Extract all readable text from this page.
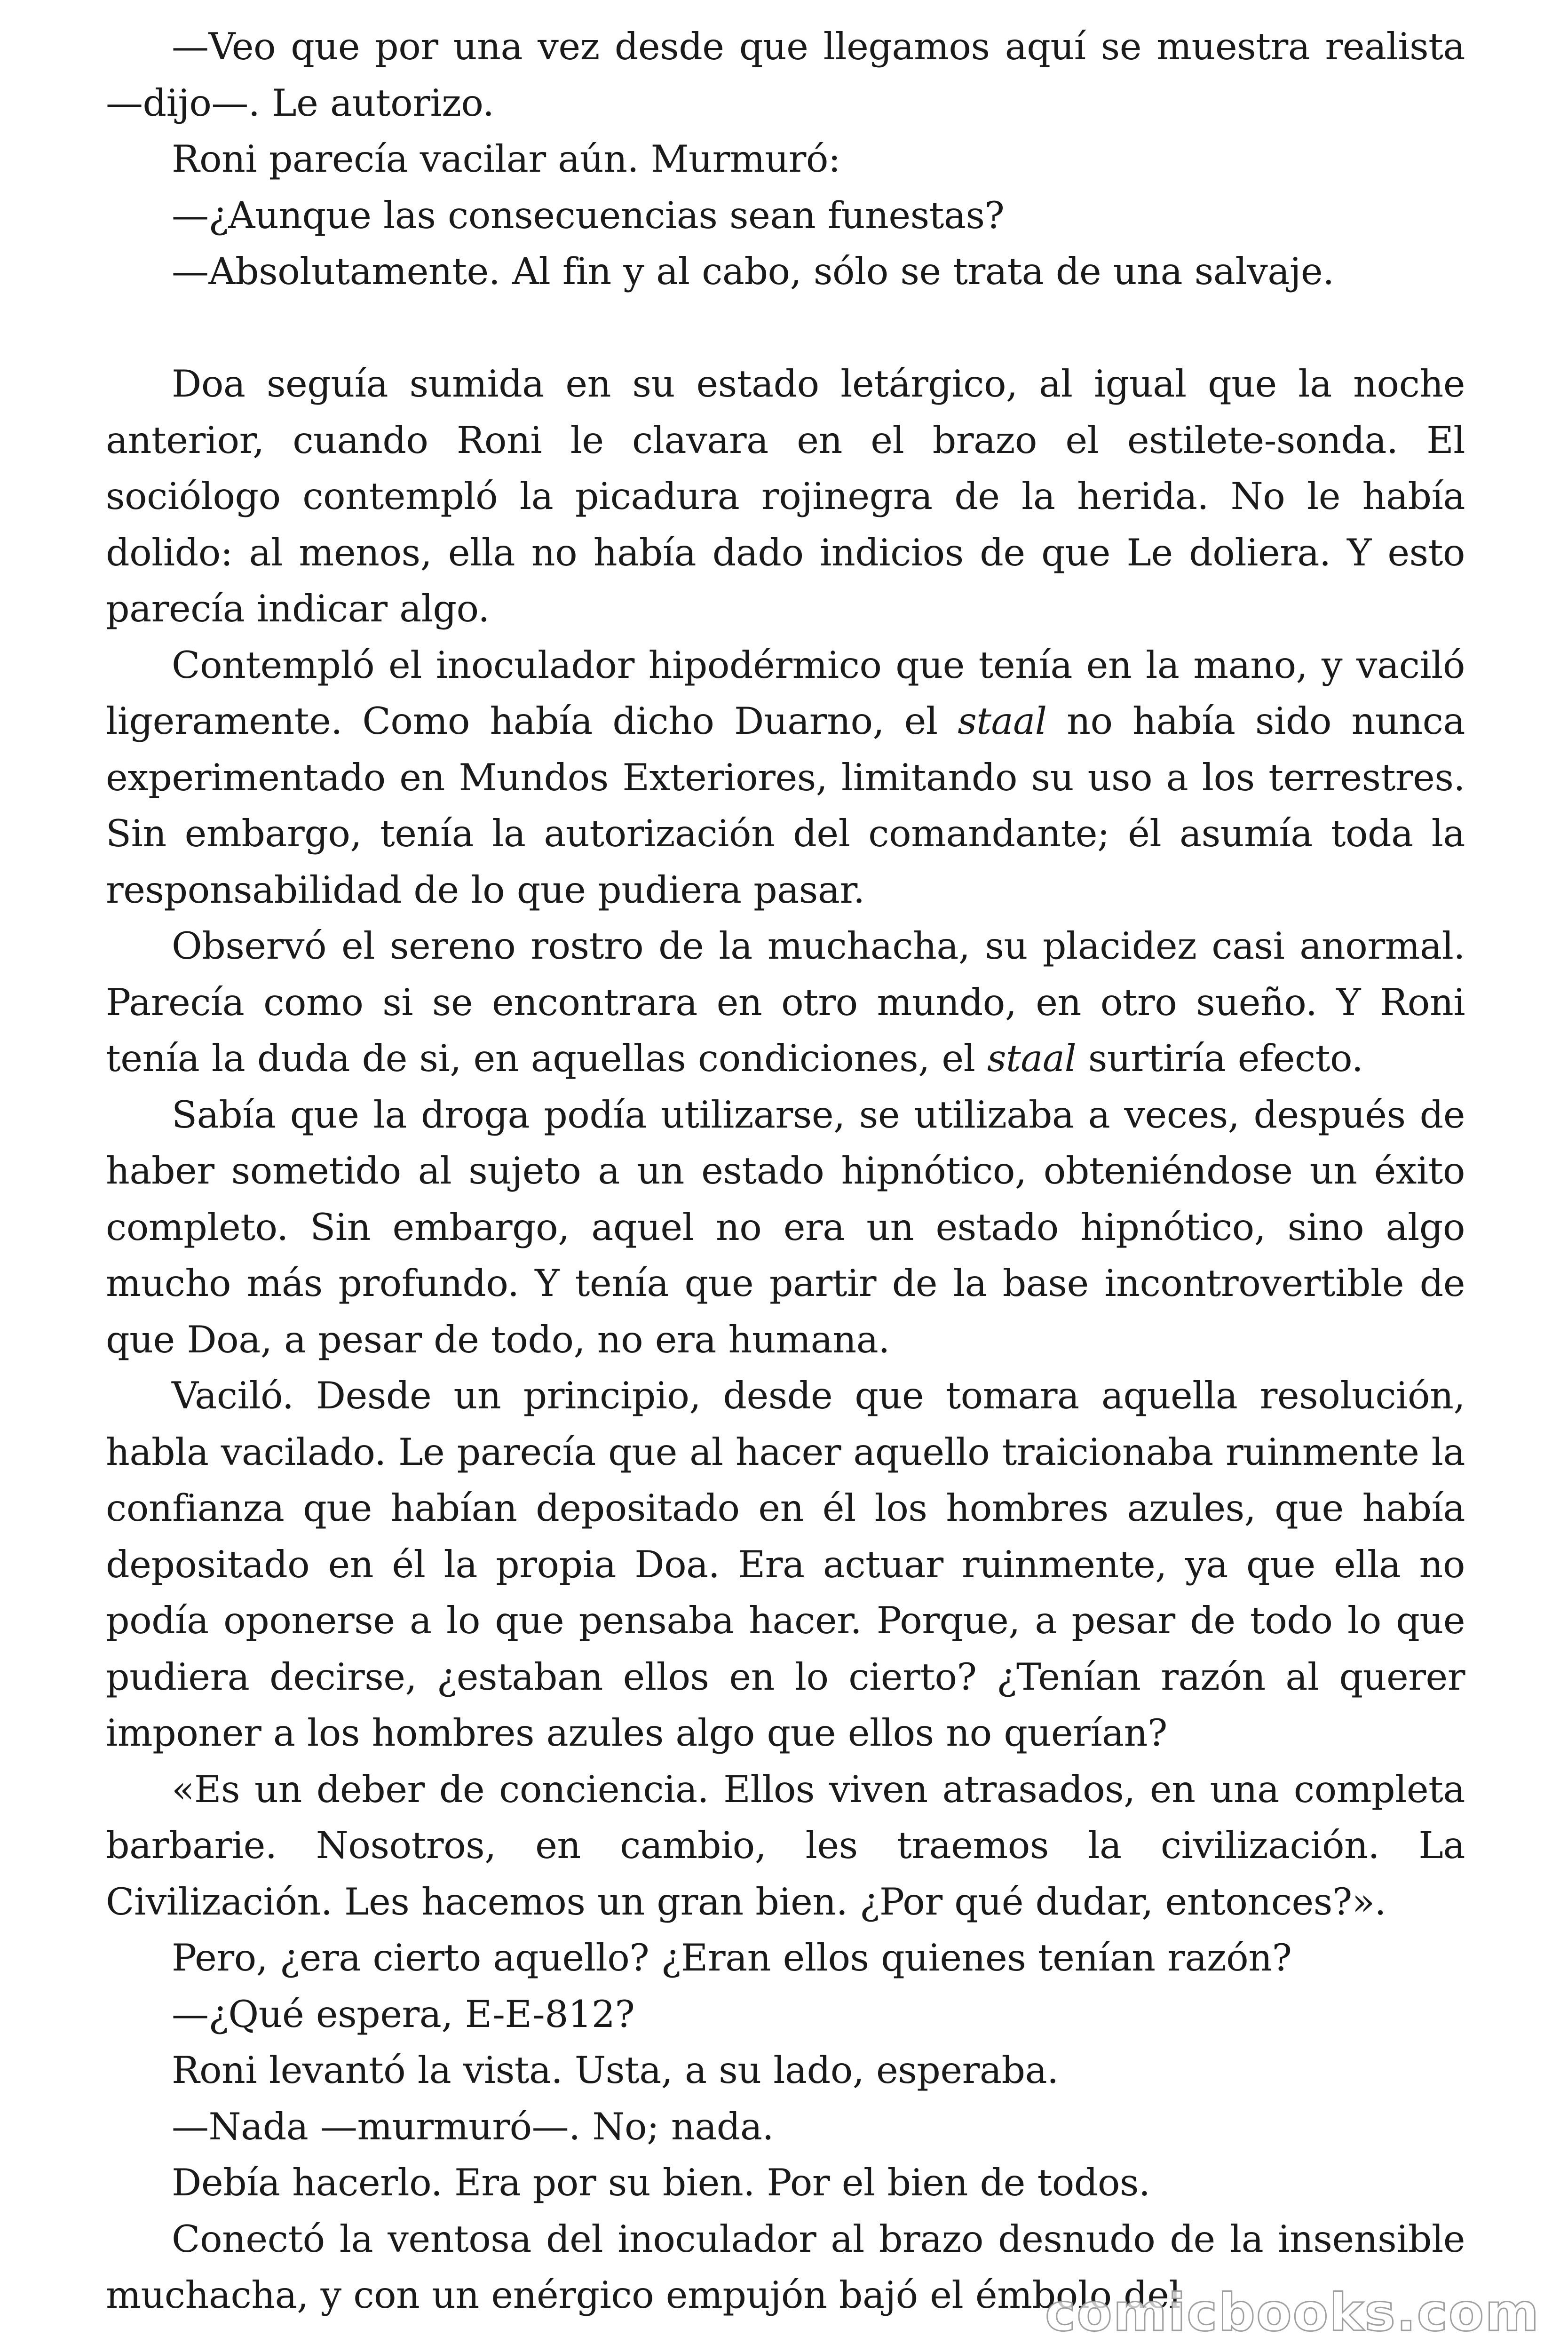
—Veo que por una vez desde que llegamos aquí se muestra realista —dijo—. Le autorizo.

Roni parecía vacilar aún. Murmuró:

—¿Aunque las consecuencias sean funestas?

—Absolutamente. Al fin y al cabo, sólo se trata de una salvaje.

Doa seguía sumida en su estado letárgico, al igual que la noche anterior, cuando Roni le clavara en el brazo el estilete-sonda. El sociólogo contempló la picadura rojinegra de la herida. No le había dolido: al menos, ella no había dado indicios de que Le doliera. Y esto parecía indicar algo.

Contempló el inoculador hipodérmico que tenía en la mano, y vaciló ligeramente. Como había dicho Duarno, el staal no había sido nunca experimentado en Mundos Exteriores, limitando su uso a los terrestres. Sin embargo, tenía la autorización del comandante; él asumía toda la responsabilidad de lo que pudiera pasar.

Observó el sereno rostro de la muchacha, su placidez casi anormal. Parecía como si se encontrara en otro mundo, en otro sueño. Y Roni tenía la duda de si, en aquellas condiciones, el staal surtiría efecto.

Sabía que la droga podía utilizarse, se utilizaba a veces, después de haber sometido al sujeto a un estado hipnótico, obteniéndose un éxito completo. Sin embargo, aquel no era un estado hipnótico, sino algo mucho más profundo. Y tenía que partir de la base incontrovertible de que Doa, a pesar de todo, no era humana.

Vaciló. Desde un principio, desde que tomara aquella resolución, habla vacilado. Le parecía que al hacer aquello traicionaba ruinmente la confianza que habían depositado en él los hombres azules, que había depositado en él la propia Doa. Era actuar ruinmente, ya que ella no podía oponerse a lo que pensaba hacer. Porque, a pesar de todo lo que pudiera decirse, ¿estaban ellos en lo cierto? ¿Tenían razón al querer imponer a los hombres azules algo que ellos no querían?

«Es un deber de conciencia. Ellos viven atrasados, en una completa barbarie. Nosotros, en cambio, les traemos la civilización. La Civilización. Les hacemos un gran bien. ¿Por qué dudar, entonces?».

Pero, ¿era cierto aquello? ¿Eran ellos quienes tenían razón?

—¿Qué espera, E-E-812?

Roni levantó la vista. Usta, a su lado, esperaba.

—Nada —murmuró—. No; nada.

Debía hacerlo. Era por su bien. Por el bien de todos.

Conectó la ventosa del inoculador al brazo desnudo de la insensible muchacha, y con un enérgico empujón bajó el émbolo del

comicbooks.com
